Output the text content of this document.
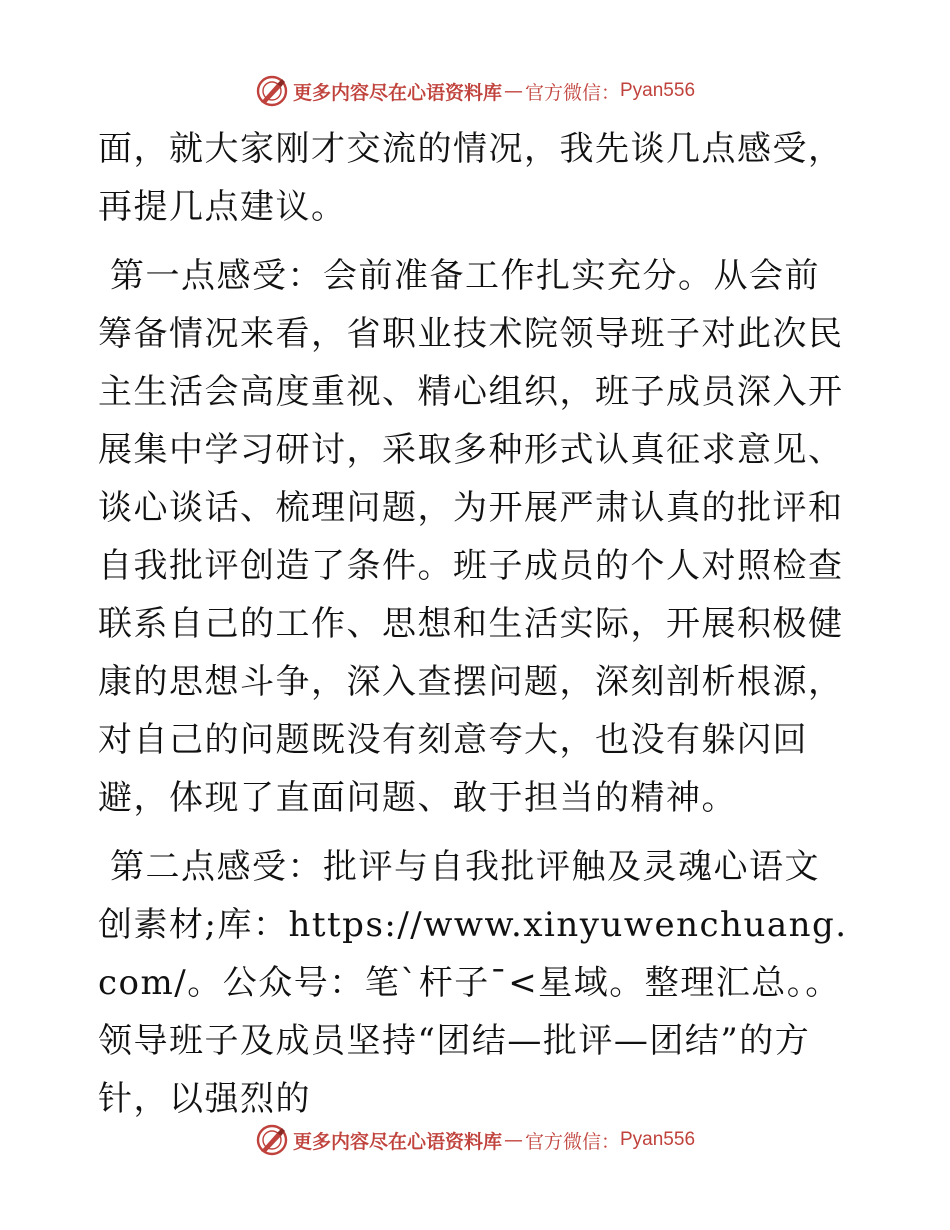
更多内容尽在心语资料库 — 官方微信： Pyan556

面，就大家刚才交流的情况，我先谈几点感受，再提几点建议。

第一点感受：会前准备工作扎实充分。从会前筹备情况来看，省职业技术院领导班子对此次民主生活会高度重视、精心组织，班子成员深入开展集中学习研讨，采取多种形式认真征求意见、谈心谈话、梳理问题，为开展严肃认真的批评和自我批评创造了条件。班子成员的个人对照检查联系自己的工作、思想和生活实际，开展积极健康的思想斗争，深入查摆问题，深刻剖析根源，对自己的问题既没有刻意夸大，也没有躲闪回避，体现了直面问题、敢于担当的精神。

第二点感受：批评与自我批评触及灵魂心语文创素材;库：https://www.xinyuwenchuang.com/。公众号：笔`杆子¯<星域。整理汇总。。领导班子及成员坚持“团结—批评—团结”的方针，以强烈的

更多内容尽在心语资料库 — 官方微信： Pyan556
